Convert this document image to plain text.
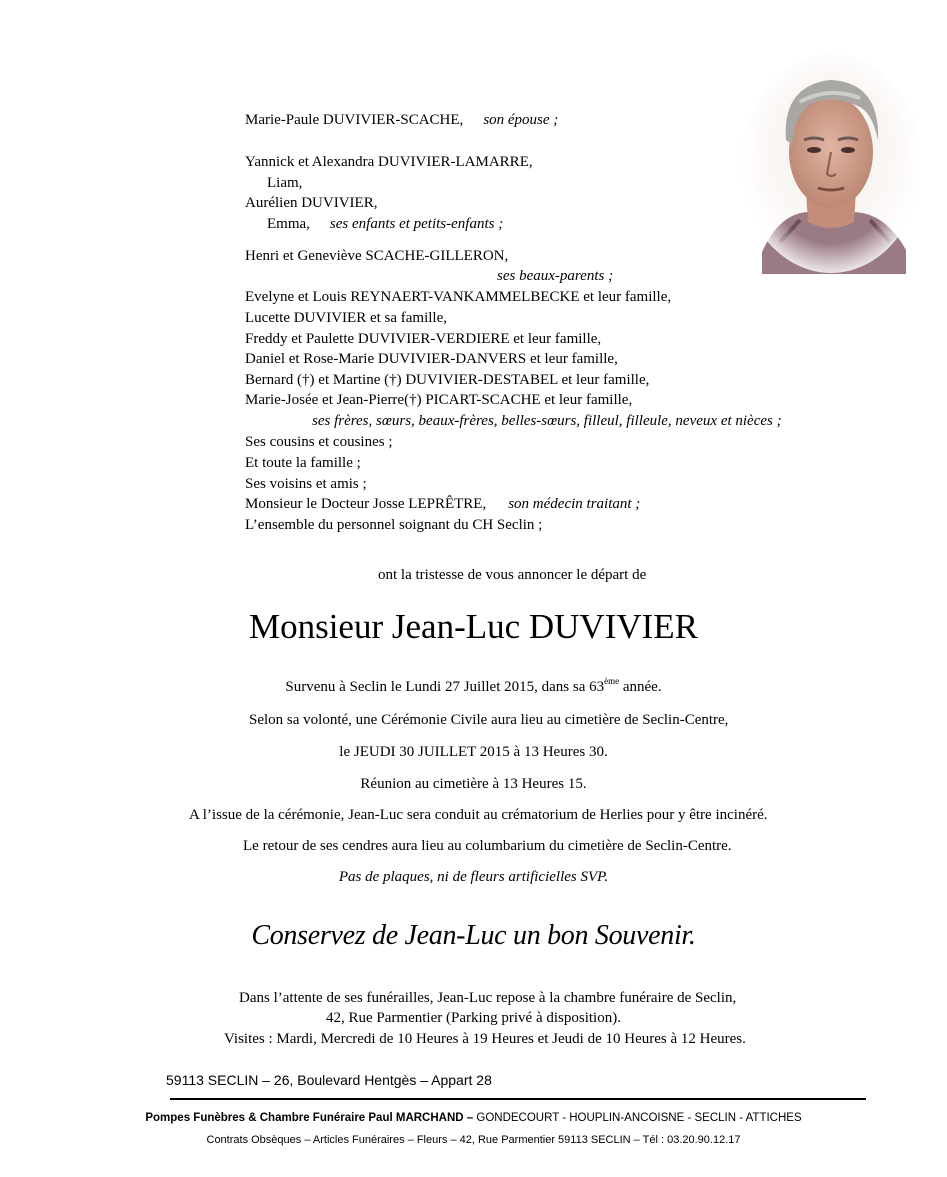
Marie-Paule DUVIVIER-SCACHE, son épouse ;
Yannick et Alexandra DUVIVIER-LAMARRE,
Liam,
Aurélien DUVIVIER,
Emma, ses enfants et petits-enfants ;
Henri et Geneviève SCACHE-GILLERON,
ses beaux-parents ;
Evelyne et Louis REYNAERT-VANKAMMELBECKE et leur famille,
Lucette DUVIVIER et sa famille,
Freddy et Paulette DUVIVIER-VERDIERE et leur famille,
Daniel et Rose-Marie DUVIVIER-DANVERS et leur famille,
Bernard (†) et Martine (†) DUVIVIER-DESTABEL et leur famille,
Marie-Josée et Jean-Pierre(†) PICART-SCACHE et leur famille,
ses frères, sœurs, beaux-frères, belles-sœurs, filleul, filleule, neveux et nièces ;
Ses cousins et cousines ;
Et toute la famille ;
Ses voisins et amis ;
Monsieur le Docteur Josse LEPRÊTRE, son médecin traitant ;
L’ensemble du personnel soignant du CH Seclin ;
ont la tristesse de vous annoncer le départ de
Monsieur Jean-Luc DUVIVIER
Survenu à Seclin le Lundi 27 Juillet 2015, dans sa 63ème année.
Selon sa volonté, une Cérémonie Civile aura lieu au cimetière de Seclin-Centre,
le JEUDI 30 JUILLET 2015 à 13 Heures 30.
Réunion au cimetière à 13 Heures 15.
A l’issue de la cérémonie, Jean-Luc sera conduit au crématorium de Herlies pour y être incinéré.
Le retour de ses cendres aura lieu au columbarium du cimetière de Seclin-Centre.
Pas de plaques, ni de fleurs artificielles SVP.
Conservez de Jean-Luc un bon Souvenir.
Dans l’attente de ses funérailles, Jean-Luc repose à la chambre funéraire de Seclin,
42, Rue Parmentier (Parking privé à disposition).
Visites : Mardi, Mercredi de 10 Heures à 19 Heures et Jeudi de 10 Heures à 12 Heures.
59113 SECLIN – 26, Boulevard Hentgès – Appart 28
Pompes Funèbres & Chambre Funéraire Paul MARCHAND – GONDECOURT - HOUPLIN-ANCOISNE - SECLIN - ATTICHES
Contrats Obsèques – Articles Funéraires – Fleurs – 42, Rue Parmentier 59113 SECLIN – Tél : 03.20.90.12.17
